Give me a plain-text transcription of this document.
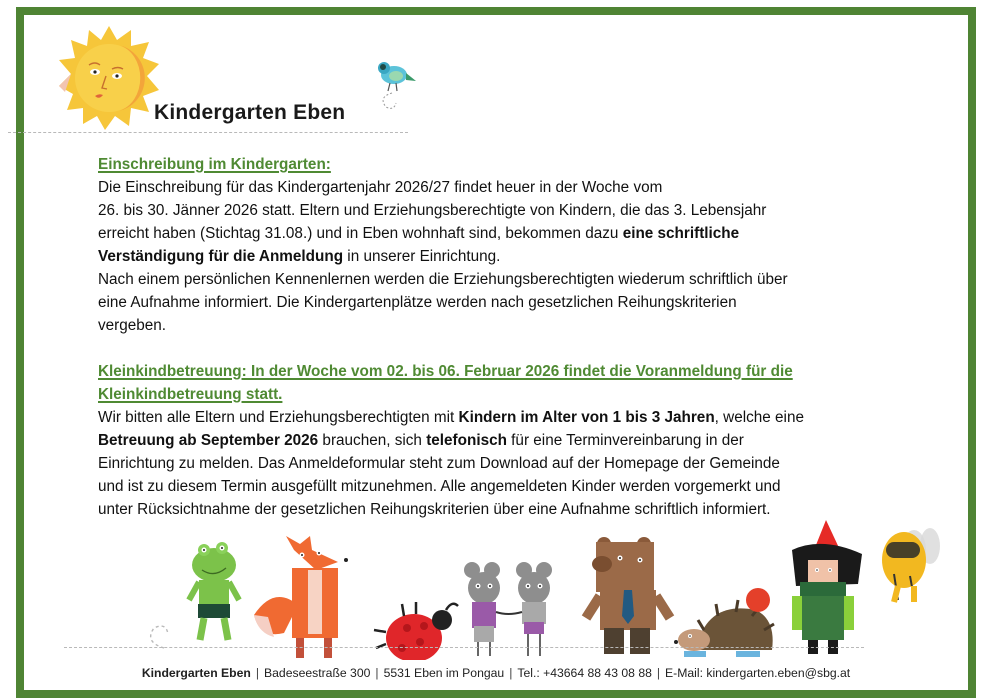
Kindergarten Eben

Einschreibung im Kindergarten:

Die Einschreibung für das Kindergartenjahr 2026/27 findet heuer in der Woche vom

26. bis 30. Jänner 2026 statt. Eltern und Erziehungsberechtigte von Kindern, die das 3. Lebensjahr

erreicht haben (Stichtag 31.08.) und in Eben wohnhaft sind, bekommen dazu eine schriftliche

Verständigung für die Anmeldung in unserer Einrichtung.

Nach einem persönlichen Kennenlernen werden die Erziehungsberechtigten wiederum schriftlich über

eine Aufnahme informiert. Die Kindergartenplätze werden nach gesetzlichen Reihungskriterien

vergeben.

Kleinkindbetreuung: In der Woche vom 02. bis 06. Februar 2026 findet die Voranmeldung für die

Kleinkindbetreuung statt.

Wir bitten alle Eltern und Erziehungsberechtigten mit Kindern im Alter von 1 bis 3 Jahren, welche eine

Betreuung ab September 2026 brauchen, sich telefonisch für eine Terminvereinbarung in der

Einrichtung zu melden. Das Anmeldeformular steht zum Download auf der Homepage der Gemeinde

und ist zu diesem Termin ausgefüllt mitzunehmen. Alle angemeldeten Kinder werden vorgemerkt und

unter Rücksichtnahme der gesetzlichen Reihungskriterien über eine Aufnahme schriftlich informiert.

Kindergarten Eben | Badeseestraße 300 | 5531 Eben im Pongau | Tel.: +43664 88 43 08 88 | E-Mail: kindergarten.eben@sbg.at
